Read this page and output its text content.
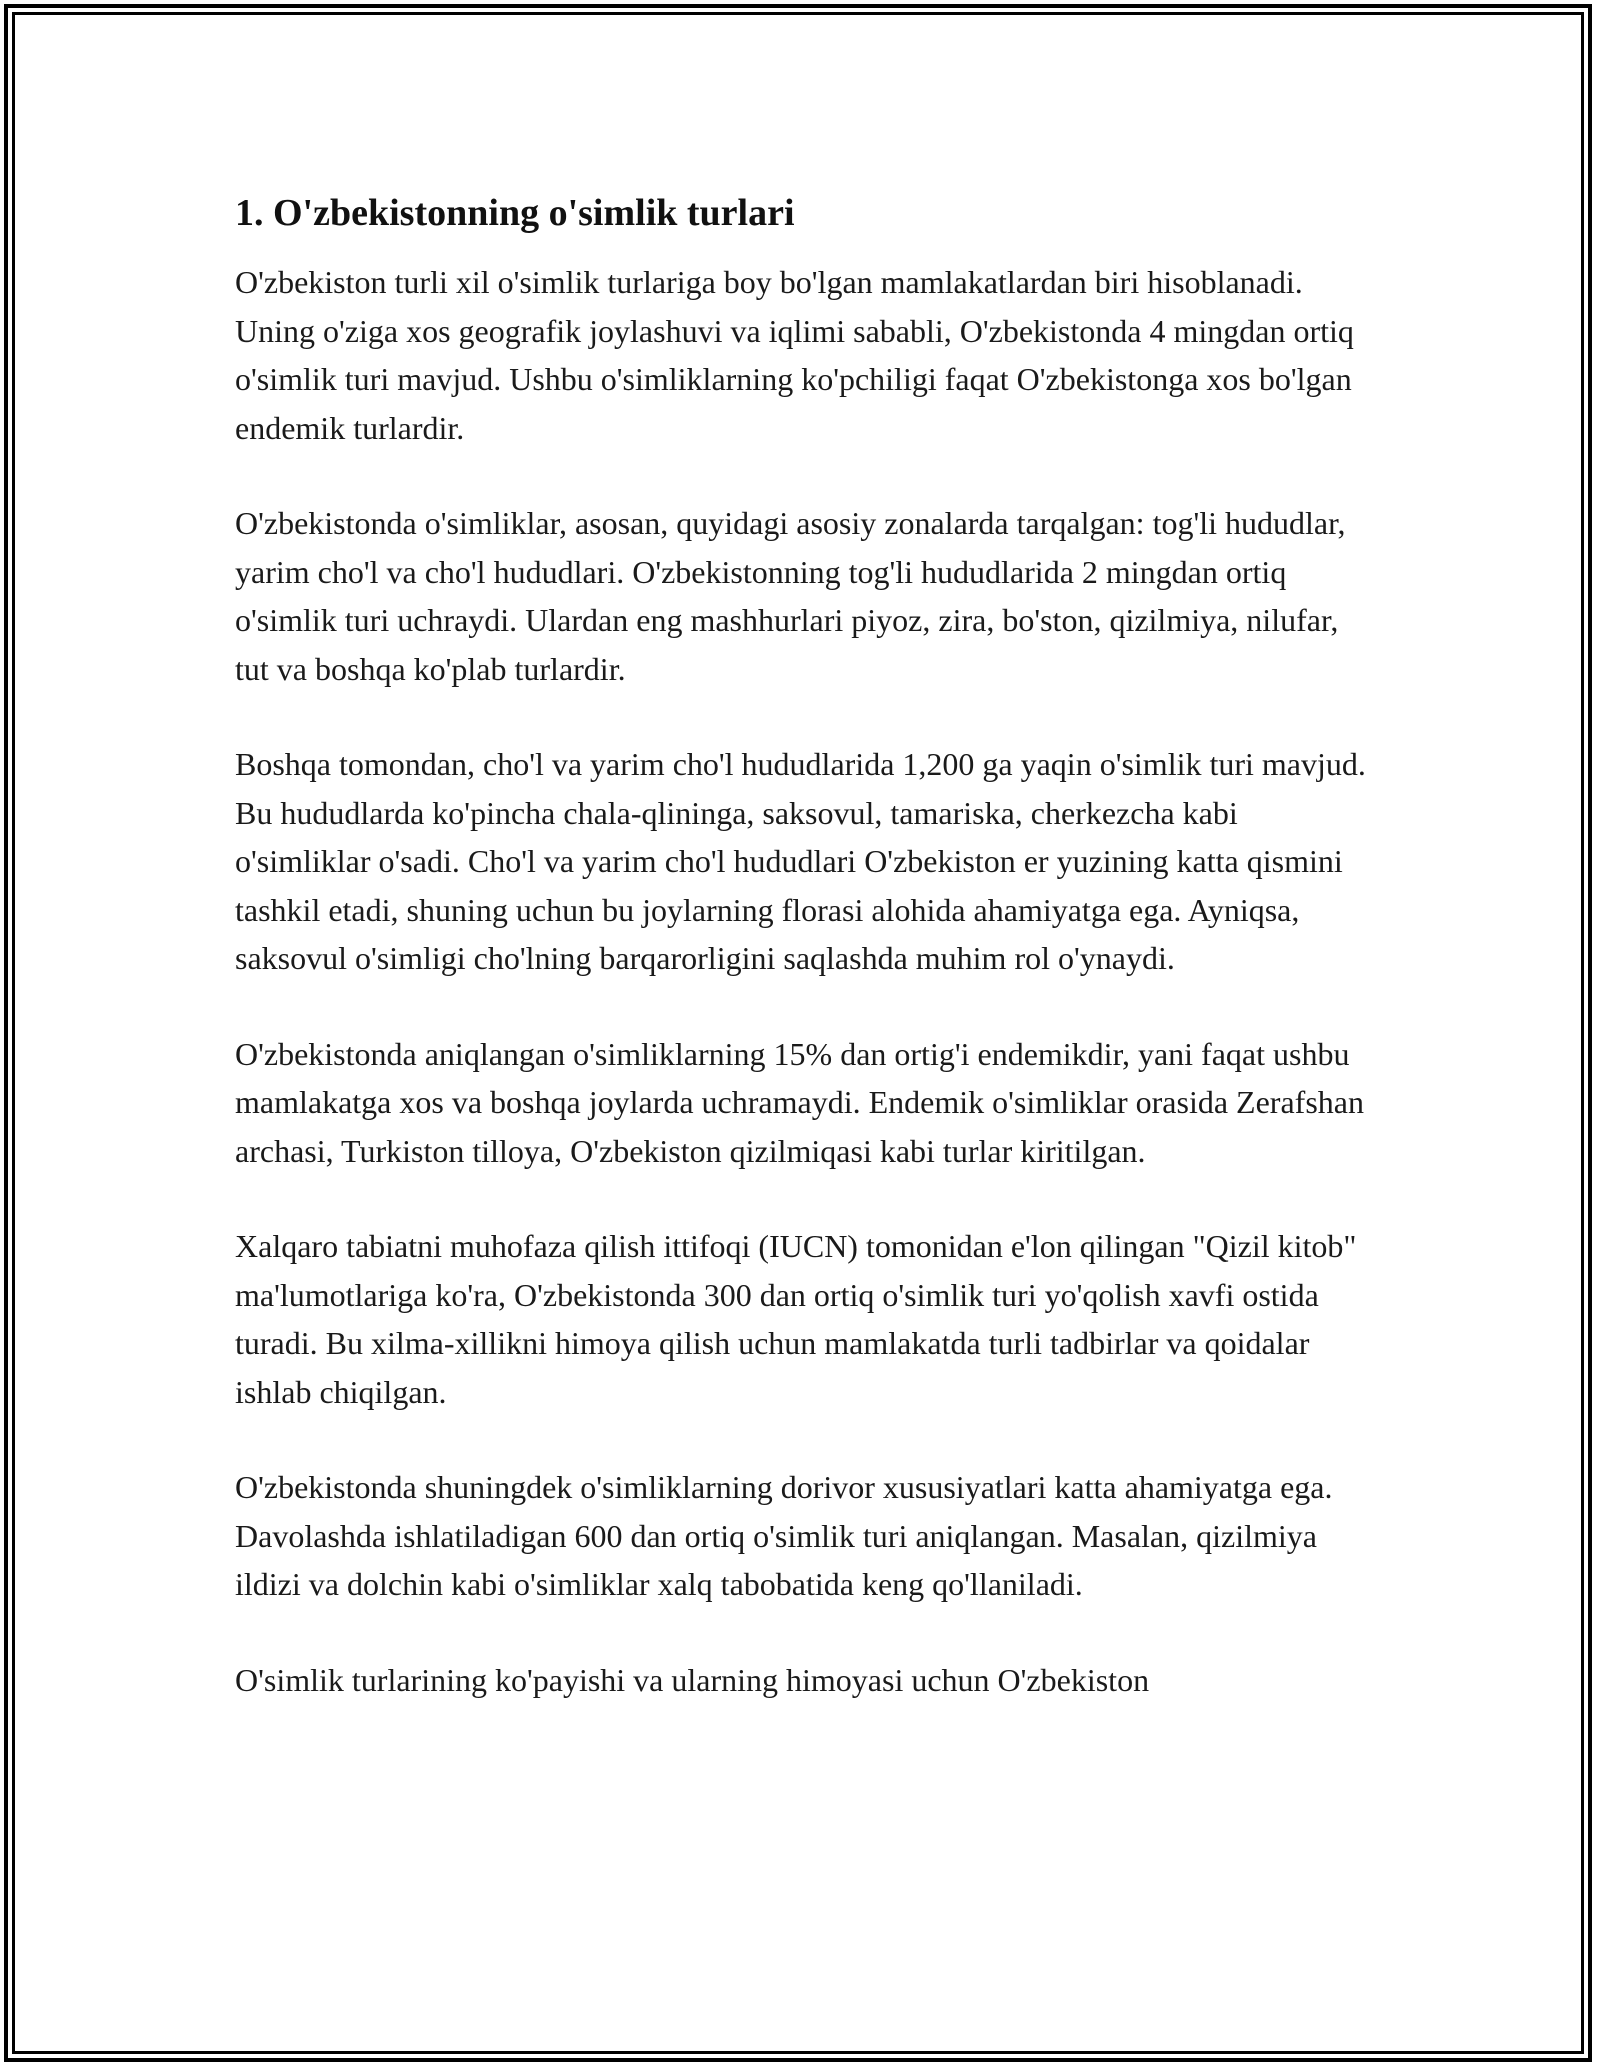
1. O'zbekistonning o'simlik turlari

O'zbekiston turli xil o'simlik turlariga boy bo'lgan mamlakatlardan biri hisoblanadi. Uning o'ziga xos geografik joylashuvi va iqlimi sababli, O'zbekistonda 4 mingdan ortiq o'simlik turi mavjud. Ushbu o'simliklarning ko'pchiligi faqat O'zbekistonga xos bo'lgan endemik turlardir.

O'zbekistonda o'simliklar, asosan, quyidagi asosiy zonalarda tarqalgan: tog'li hududlar, yarim cho'l va cho'l hududlari. O'zbekistonning tog'li hududlarida 2 mingdan ortiq o'simlik turi uchraydi. Ulardan eng mashhurlari piyoz, zira, bo'ston, qizilmiya, nilufar, tut va boshqa ko'plab turlardir.

Boshqa tomondan, cho'l va yarim cho'l hududlarida 1,200 ga yaqin o'simlik turi mavjud. Bu hududlarda ko'pincha chala-qlininga, saksovul, tamariska, cherkezcha kabi o'simliklar o'sadi. Cho'l va yarim cho'l hududlari O'zbekiston er yuzining katta qismini tashkil etadi, shuning uchun bu joylarning florasi alohida ahamiyatga ega. Ayniqsa, saksovul o'simligi cho'lning barqarorligini saqlashda muhim rol o'ynaydi.

O'zbekistonda aniqlangan o'simliklarning 15% dan ortig'i endemikdir, yani faqat ushbu mamlakatga xos va boshqa joylarda uchramaydi. Endemik o'simliklar orasida Zerafshan archasi, Turkiston tilloya, O'zbekiston qizilmiqasi kabi turlar kiritilgan.

Xalqaro tabiatni muhofaza qilish ittifoqi (IUCN) tomonidan e'lon qilingan "Qizil kitob" ma'lumotlariga ko'ra, O'zbekistonda 300 dan ortiq o'simlik turi yo'qolish xavfi ostida turadi. Bu xilma-xillikni himoya qilish uchun mamlakatda turli tadbirlar va qoidalar ishlab chiqilgan.

O'zbekistonda shuningdek o'simliklarning dorivor xususiyatlari katta ahamiyatga ega. Davolashda ishlatiladigan 600 dan ortiq o'simlik turi aniqlangan. Masalan, qizilmiya ildizi va dolchin kabi o'simliklar xalq tabobatida keng qo'llaniladi.

O'simlik turlarining ko'payishi va ularning himoyasi uchun O'zbekiston
